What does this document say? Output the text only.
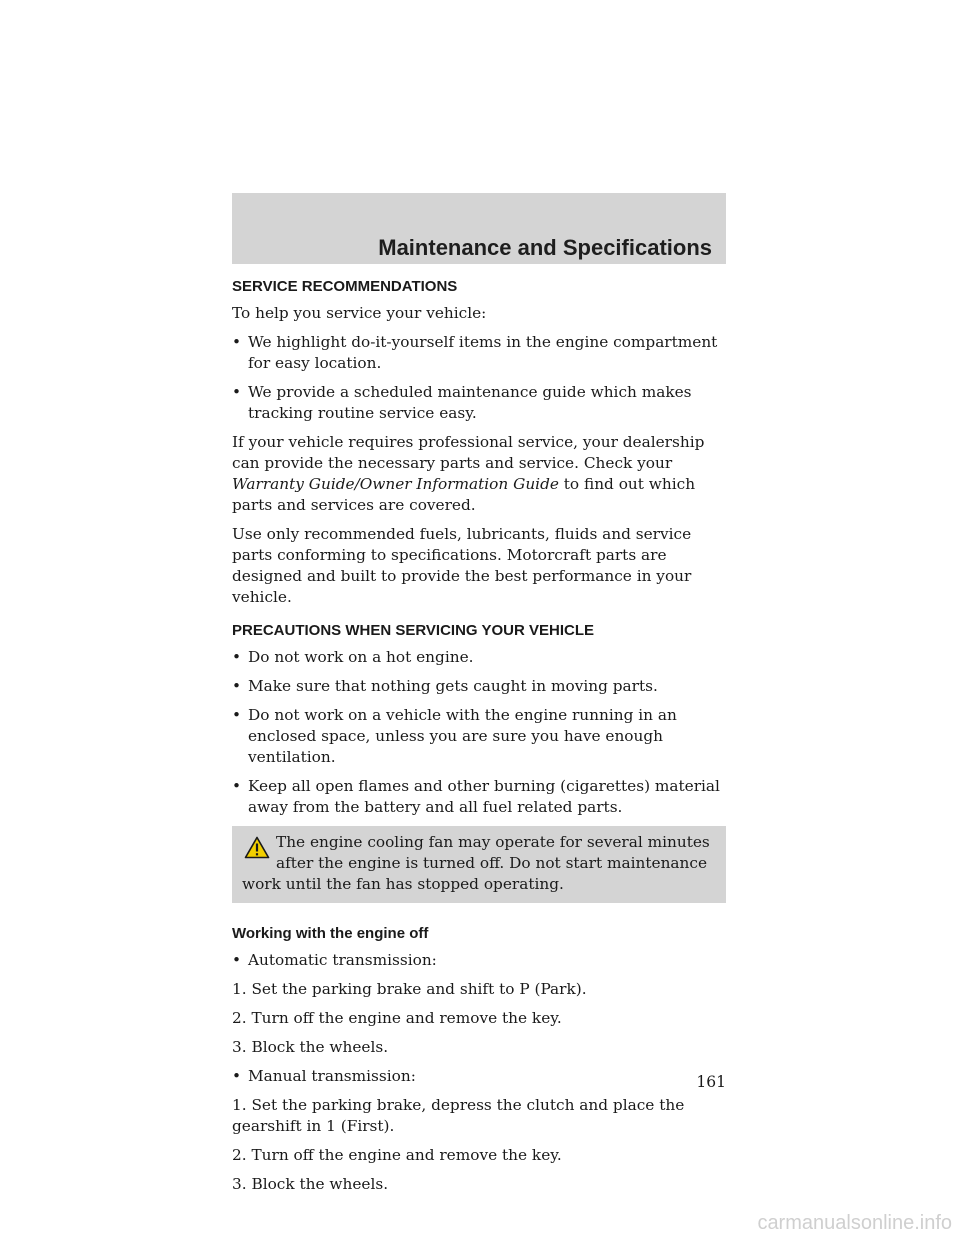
Maintenance and Specifications
SERVICE RECOMMENDATIONS
To help you service your vehicle:
• We highlight do-it-yourself items in the engine compartment for easy location.
• We provide a scheduled maintenance guide which makes tracking routine service easy.
If your vehicle requires professional service, your dealership can provide the necessary parts and service. Check your Warranty Guide/Owner Information Guide to find out which parts and services are covered.
Use only recommended fuels, lubricants, fluids and service parts conforming to specifications. Motorcraft parts are designed and built to provide the best performance in your vehicle.
PRECAUTIONS WHEN SERVICING YOUR VEHICLE
• Do not work on a hot engine.
• Make sure that nothing gets caught in moving parts.
• Do not work on a vehicle with the engine running in an enclosed space, unless you are sure you have enough ventilation.
• Keep all open flames and other burning (cigarettes) material away from the battery and all fuel related parts.
The engine cooling fan may operate for several minutes after the engine is turned off. Do not start maintenance work until the fan has stopped operating.
Working with the engine off
• Automatic transmission:
1. Set the parking brake and shift to P (Park).
2. Turn off the engine and remove the key.
3. Block the wheels.
• Manual transmission:
1. Set the parking brake, depress the clutch and place the gearshift in 1 (First).
2. Turn off the engine and remove the key.
3. Block the wheels.
161
carmanualsonline.info
